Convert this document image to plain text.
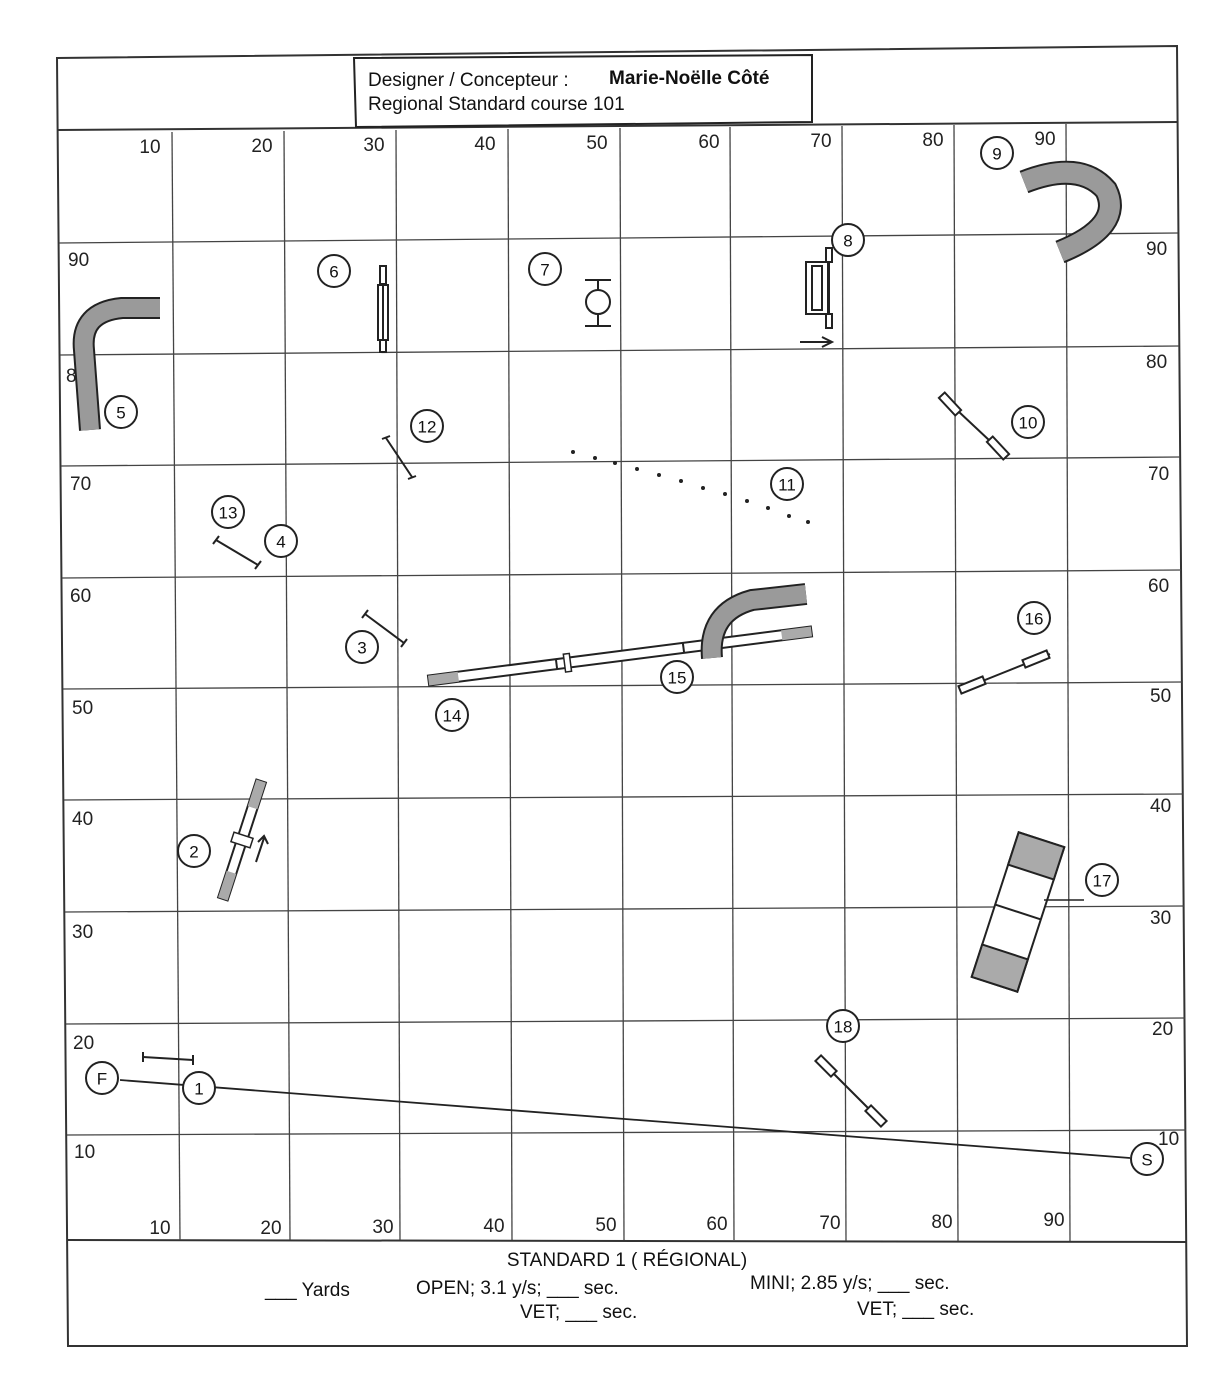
Designer / Concepteur : Marie-Noëlle Côté
Regional Standard course 101
10	20	30	40	50	60	70	80	90
10	20	30	40	50	60	70	80	90
90
8
70
60
50
40
30
20
10
90
80
70
60
50
40
30
20
10
1
2
3
4
5
6	7
8
9
10
11
12
13
14
15
16
17
18
F
S
STANDARD 1 ( RÉGIONAL)
___ Yards	OPEN; 3.1 y/s; ___ sec.	MINI; 2.85 y/s; ___ sec.
VET; ___ sec.	VET; ___ sec.
